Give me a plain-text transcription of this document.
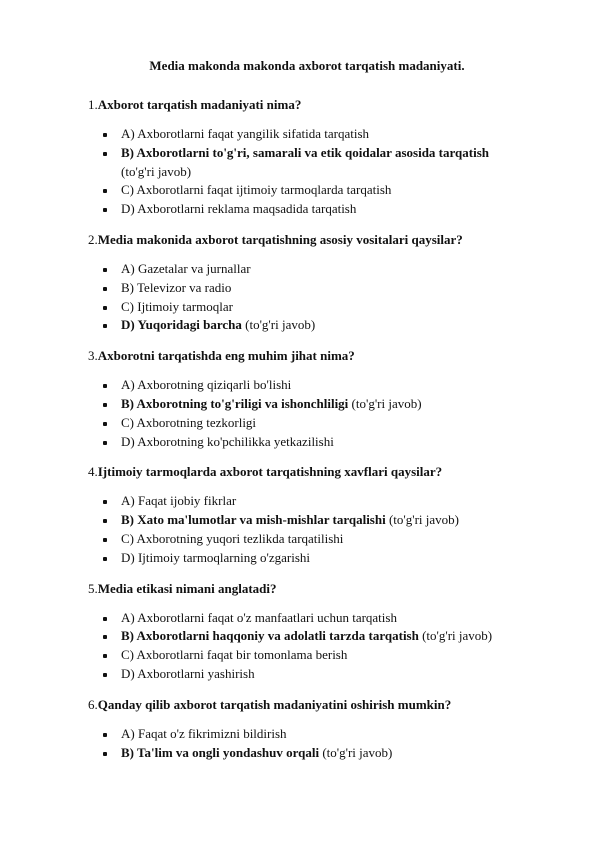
Media makonda makonda axborot tarqatish madaniyati.
1.Axborot tarqatish madaniyati nima?
A) Axborotlarni faqat yangilik sifatida tarqatish
B) Axborotlarni to'g'ri, samarali va etik qoidalar asosida tarqatish
(to'g'ri javob)
C) Axborotlarni faqat ijtimoiy tarmoqlarda tarqatish
D) Axborotlarni reklama maqsadida tarqatish
2.Media makonida axborot tarqatishning asosiy vositalari qaysilar?
A) Gazetalar va jurnallar
B) Televizor va radio
C) Ijtimoiy tarmoqlar
D) Yuqoridagi barcha (to'g'ri javob)
3.Axborotni tarqatishda eng muhim jihat nima?
A) Axborotning qiziqarli bo'lishi
B) Axborotning to'g'riligi va ishonchliligi (to'g'ri javob)
C) Axborotning tezkorligi
D) Axborotning ko'pchilikka yetkazilishi
4.Ijtimoiy tarmoqlarda axborot tarqatishning xavflari qaysilar?
A) Faqat ijobiy fikrlar
B) Xato ma'lumotlar va mish-mishlar tarqalishi (to'g'ri javob)
C) Axborotning yuqori tezlikda tarqatilishi
D) Ijtimoiy tarmoqlarning o'zgarishi
5.Media etikasi nimani anglatadi?
A) Axborotlarni faqat o'z manfaatlari uchun tarqatish
B) Axborotlarni haqqoniy va adolatli tarzda tarqatish (to'g'ri javob)
C) Axborotlarni faqat bir tomonlama berish
D) Axborotlarni yashirish
6.Qanday qilib axborot tarqatish madaniyatini oshirish mumkin?
A) Faqat o'z fikrimizni bildirish
B) Ta'lim va ongli yondashuv orqali (to'g'ri javob)
